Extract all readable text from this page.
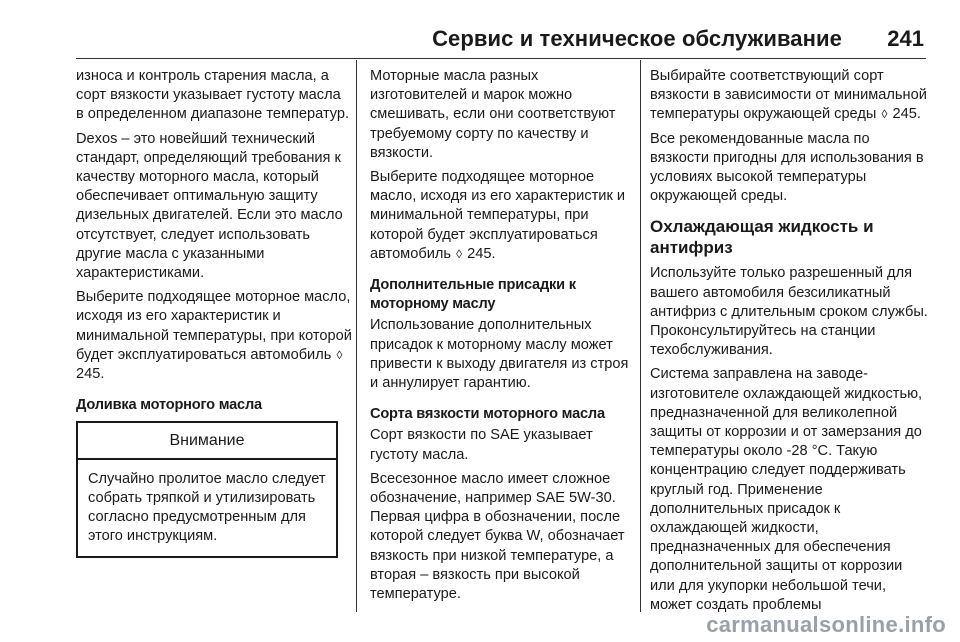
Сервис и техническое обслуживание 241

износа и контроль старения масла, а сорт вязкости указывает густоту масла в определенном диапазоне температур.

Dexos – это новейший технический стандарт, определяющий требования к качеству моторного масла, который обеспечивает оптимальную защиту дизельных двигателей. Если это масло отсутствует, следует использовать другие масла с указанными характеристиками.

Выберите подходящее моторное масло, исходя из его характеристик и минимальной температуры, при которой будет эксплуатироваться автомобиль ◊ 245.

Доливка моторного масла
Внимание
Случайно пролитое масло следует собрать тряпкой и утилизировать согласно предусмотренным для этого инструкциям.

Моторные масла разных изготовителей и марок можно смешивать, если они соответствуют требуемому сорту по качеству и вязкости.

Выберите подходящее моторное масло, исходя из его характеристик и минимальной температуры, при которой будет эксплуатироваться автомобиль ◊ 245.

Дополнительные присадки к моторному маслу

Использование дополнительных присадок к моторному маслу может привести к выходу двигателя из строя и аннулирует гарантию.

Сорта вязкости моторного масла

Сорт вязкости по SAE указывает густоту масла.

Всесезонное масло имеет сложное обозначение, например SAE 5W-30. Первая цифра в обозначении, после которой следует буква W, обозначает вязкость при низкой температуре, а вторая – вязкость при высокой температуре.

Выбирайте соответствующий сорт вязкости в зависимости от минимальной температуры окружающей среды ◊ 245.

Все рекомендованные масла по вязкости пригодны для использования в условиях высокой температуры окружающей среды.

Охлаждающая жидкость и антифриз

Используйте только разрешенный для вашего автомобиля безсиликатный антифриз с длительным сроком службы. Проконсультируйтесь на станции техобслуживания.

Система заправлена на заводе-изготовителе охлаждающей жидкостью, предназначенной для великолепной защиты от коррозии и от замерзания до температуры около -28 °C. Такую концентрацию следует поддерживать круглый год. Применение дополнительных присадок к охлаждающей жидкости, предназначенных для обеспечения дополнительной защиты от коррозии или для укупорки небольшой течи, может создать проблемы

carmanualsonline.info
